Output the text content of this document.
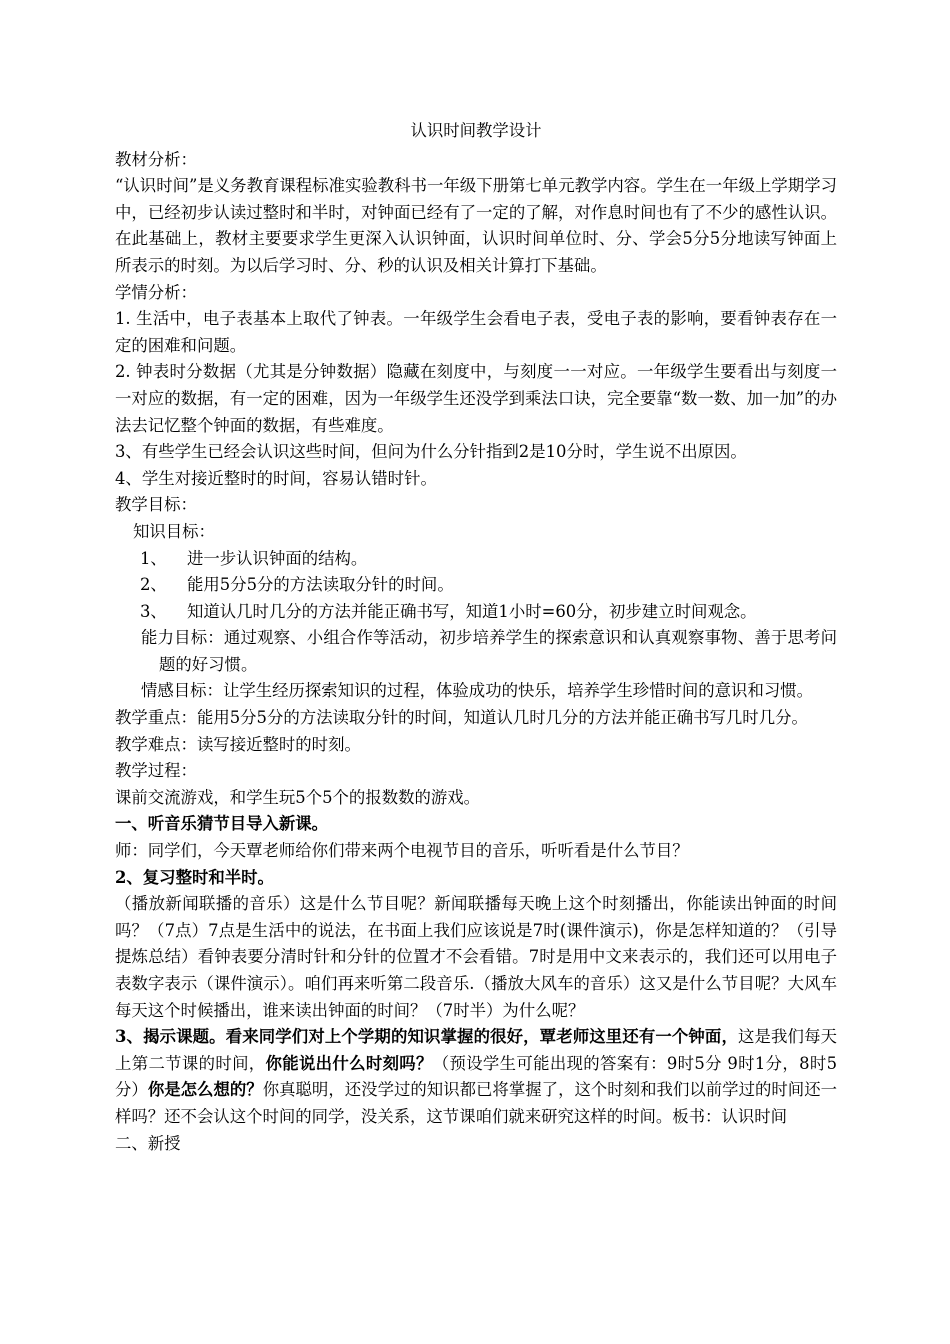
认识时间教学设计

教材分析：

“认识时间”是义务教育课程标准实验教科书一年级下册第七单元教学内容。学生在一年级上学期学习中，已经初步认读过整时和半时，对钟面已经有了一定的了解，对作息时间也有了不少的感性认识。在此基础上，教材主要要求学生更深入认识钟面，认识时间单位时、分、学会5分5分地读写钟面上所表示的时刻。为以后学习时、分、秒的认识及相关计算打下基础。

学情分析：

1. 生活中，电子表基本上取代了钟表。一年级学生会看电子表，受电子表的影响，要看钟表存在一定的困难和问题。

2. 钟表时分数据（尤其是分钟数据）隐藏在刻度中，与刻度一一对应。一年级学生要看出与刻度一一对应的数据，有一定的困难，因为一年级学生还没学到乘法口诀，完全要靠“数一数、加一加”的办法去记忆整个钟面的数据，有些难度。

3、有些学生已经会认识这些时间，但问为什么分针指到2是10分时，学生说不出原因。

4、学生对接近整时的时间，容易认错时针。

教学目标：

知识目标：

1、 进一步认识钟面的结构。

2、 能用5分5分的方法读取分针的时间。

3、 知道认几时几分的方法并能正确书写，知道1小时=60分，初步建立时间观念。

能力目标：通过观察、小组合作等活动，初步培养学生的探索意识和认真观察事物、善于思考问题的好习惯。

情感目标：让学生经历探索知识的过程，体验成功的快乐，培养学生珍惜时间的意识和习惯。

教学重点：能用5分5分的方法读取分针的时间，知道认几时几分的方法并能正确书写几时几分。

教学难点：读写接近整时的时刻。

教学过程：

课前交流游戏，和学生玩5个5个的报数数的游戏。

一、听音乐猜节目导入新课。

师：同学们，今天覃老师给你们带来两个电视节目的音乐，听听看是什么节目？

2、复习整时和半时。

（播放新闻联播的音乐）这是什么节目呢？新闻联播每天晚上这个时刻播出，你能读出钟面的时间吗？（7点）7点是生活中的说法，在书面上我们应该说是7时(课件演示)，你是怎样知道的？（引导提炼总结）看钟表要分清时针和分针的位置才不会看错。7时是用中文来表示的，我们还可以用电子表数字表示（课件演示）。咱们再来听第二段音乐.（播放大风车的音乐）这又是什么节目呢？大风车每天这个时候播出，谁来读出钟面的时间？（7时半）为什么呢？

3、揭示课题。看来同学们对上个学期的知识掌握的很好，覃老师这里还有一个钟面，这是我们每天上第二节课的时间，你能说出什么时刻吗？（预设学生可能出现的答案有：9时5分 9时1分，8时5分）你是怎么想的？你真聪明，还没学过的知识都已将掌握了，这个时刻和我们以前学过的时间还一样吗？还不会认这个时间的同学，没关系，这节课咱们就来研究这样的时间。板书：认识时间

二、新授
